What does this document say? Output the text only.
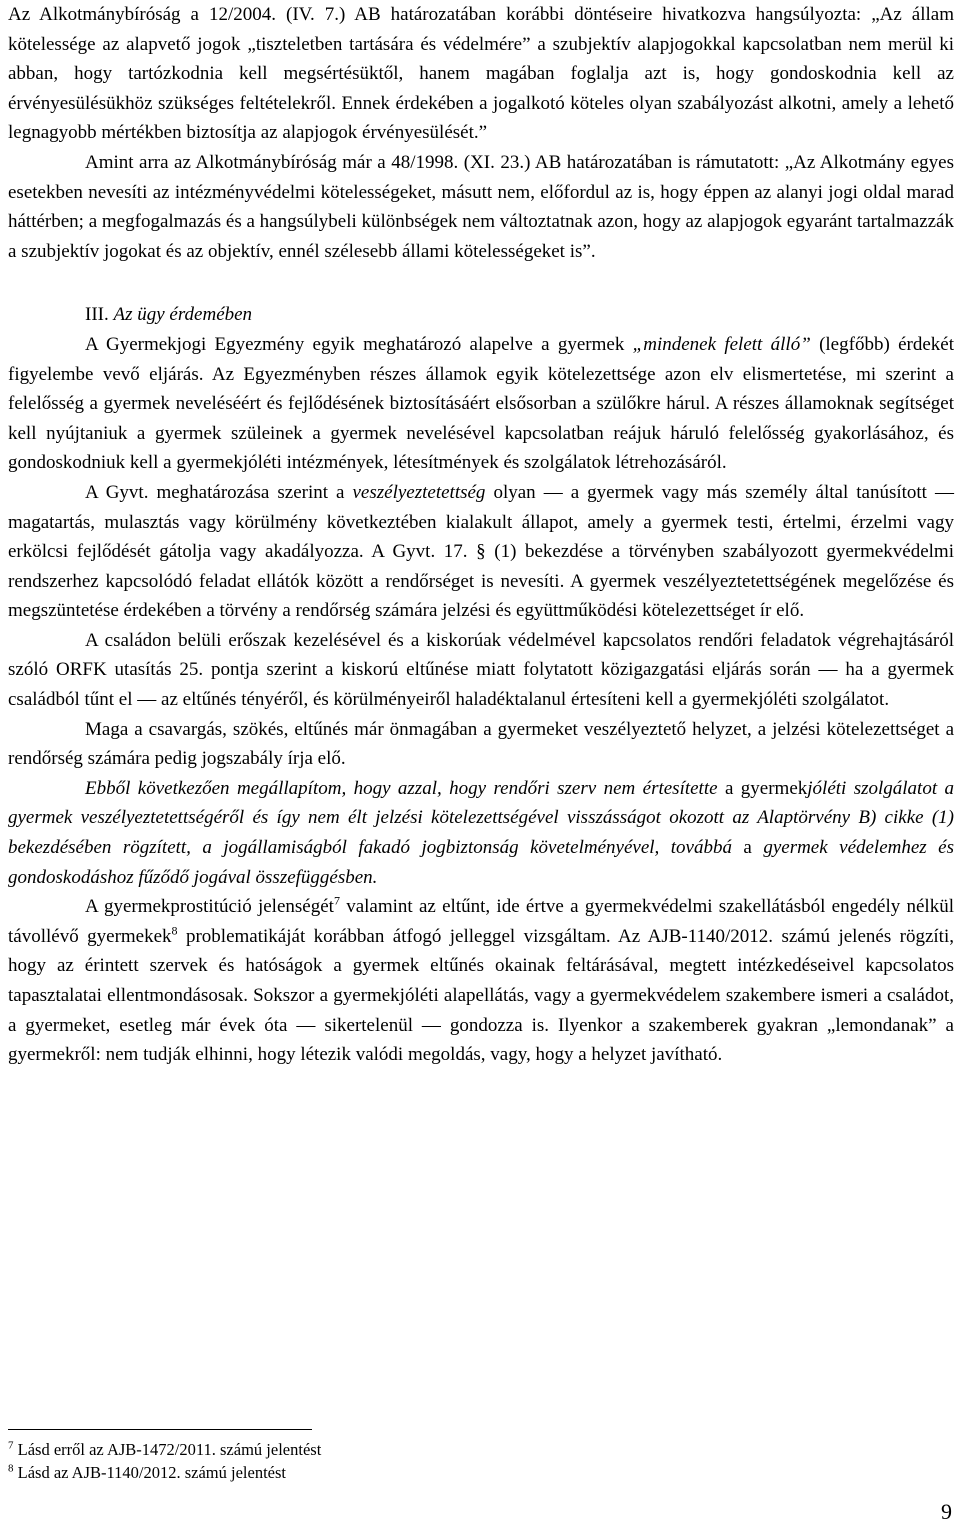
Az Alkotmánybíróság a 12/2004. (IV. 7.) AB határozatában korábbi döntéseire hivatkozva hangsúlyozta: „Az állam kötelessége az alapvető jogok „tiszteletben tartására és védelmére” a szubjektív alapjogokkal kapcsolatban nem merül ki abban, hogy tartózkodnia kell megsértésüktől, hanem magában foglalja azt is, hogy gondoskodnia kell az érvényesülésükhöz szükséges feltételekről. Ennek érdekében a jogalkotó köteles olyan szabályozást alkotni, amely a lehető legnagyobb mértékben biztosítja az alapjogok érvényesülését.”

Amint arra az Alkotmánybíróság már a 48/1998. (XI. 23.) AB határozatában is rámutatott: „Az Alkotmány egyes esetekben nevesíti az intézményvédelmi kötelességeket, másutt nem, előfordul az is, hogy éppen az alanyi jogi oldal marad háttérben; a megfogalmazás és a hangsúlybeli különbségek nem változtatnak azon, hogy az alapjogok egyaránt tartalmazzák a szubjektív jogokat és az objektív, ennél szélesebb állami kötelességeket is”.

III. Az ügy érdemében

A Gyermekjogi Egyezmény egyik meghatározó alapelve a gyermek „mindenek felett álló” (legfőbb) érdekét figyelembe vevő eljárás. Az Egyezményben részes államok egyik kötelezettsége azon elv elismertetése, mi szerint a felelősség a gyermek neveléséért és fejlődésének biztosításáért elsősorban a szülőkre hárul. A részes államoknak segítséget kell nyújtaniuk a gyermek szüleinek a gyermek nevelésével kapcsolatban reájuk háruló felelősség gyakorlásához, és gondoskodniuk kell a gyermekjóléti intézmények, létesítmények és szolgálatok létrehozásáról.

A Gyvt. meghatározása szerint a veszélyeztetettség olyan — a gyermek vagy más személy által tanúsított — magatartás, mulasztás vagy körülmény következtében kialakult állapot, amely a gyermek testi, értelmi, érzelmi vagy erkölcsi fejlődését gátolja vagy akadályozza. A Gyvt. 17. § (1) bekezdése a törvényben szabályozott gyermekvédelmi rendszerhez kapcsolódó feladat ellátók között a rendőrséget is nevesíti. A gyermek veszélyeztetettségének megelőzése és megszüntetése érdekében a törvény a rendőrség számára jelzési és együttműködési kötelezettséget ír elő.

A családon belüli erőszak kezelésével és a kiskorúak védelmével kapcsolatos rendőri feladatok végrehajtásáról szóló ORFK utasítás 25. pontja szerint a kiskorú eltűnése miatt folytatott közigazgatási eljárás során — ha a gyermek családból tűnt el — az eltűnés tényéről, és körülményeiről haladéktalanul értesíteni kell a gyermekjóléti szolgálatot.

Maga a csavargás, szökés, eltűnés már önmagában a gyermeket veszélyeztető helyzet, a jelzési kötelezettséget a rendőrség számára pedig jogszabály írja elő.

Ebből következően megállapítom, hogy azzal, hogy rendőri szerv nem értesítette a gyermekjóléti szolgálatot a gyermek veszélyeztetettségéről és így nem élt jelzési kötelezettségével visszásságot okozott az Alaptörvény B) cikke (1) bekezdésében rögzített, a jogállamiságból fakadó jogbiztonság követelményével, továbbá a gyermek védelemhez és gondoskodáshoz fűződő jogával összefüggésben.

A gyermekprostitúció jelenségét$^7$ valamint az eltűnt, ide értve a gyermekvédelmi szakellátásból engedély nélkül távollévő gyermekek$^8$ problematikáját korábban átfogó jelleggel vizsgáltam. Az AJB-1140/2012. számú jelenés rögzíti, hogy az érintett szervek és hatóságok a gyermek eltűnés okainak feltárásával, megtett intézkedéseivel kapcsolatos tapasztalatai ellentmondásosak. Sokszor a gyermekjóléti alapellátás, vagy a gyermekvédelem szakembere ismeri a családot, a gyermeket, esetleg már évek óta — sikertelenül — gondozza is. Ilyenkor a szakemberek gyakran „lemondanak” a gyermekről: nem tudják elhinni, hogy létezik valódi megoldás, vagy, hogy a helyzet javítható.

$^7$ Lásd erről az AJB-1472/2011. számú jelentést

$^8$ Lásd az AJB-1140/2012. számú jelentést

9
